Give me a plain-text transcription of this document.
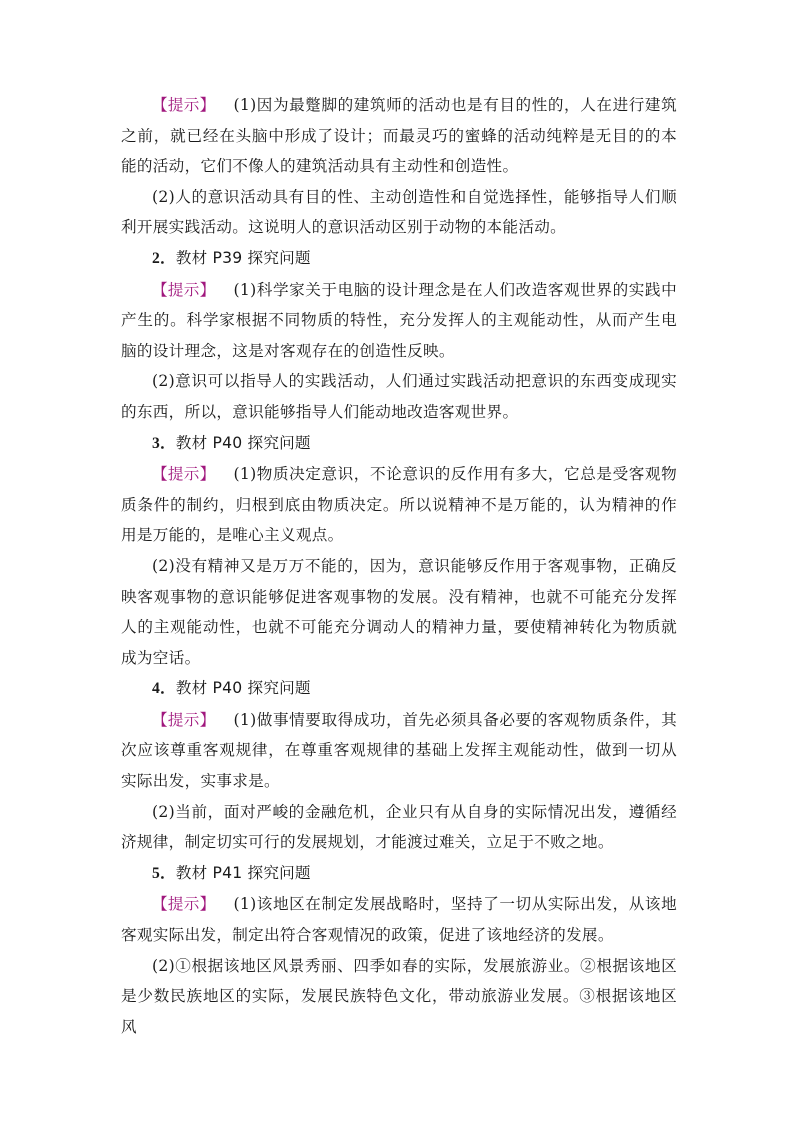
【提示】 (1)因为最蹩脚的建筑师的活动也是有目的性的，人在进行建筑之前，就已经在头脑中形成了设计；而最灵巧的蜜蜂的活动纯粹是无目的的本能的活动，它们不像人的建筑活动具有主动性和创造性。

(2)人的意识活动具有目的性、主动创造性和自觉选择性，能够指导人们顺利开展实践活动。这说明人的意识活动区别于动物的本能活动。

2．教材 P39 探究问题

【提示】 (1)科学家关于电脑的设计理念是在人们改造客观世界的实践中产生的。科学家根据不同物质的特性，充分发挥人的主观能动性，从而产生电脑的设计理念，这是对客观存在的创造性反映。

(2)意识可以指导人的实践活动，人们通过实践活动把意识的东西变成现实的东西，所以，意识能够指导人们能动地改造客观世界。

3．教材 P40 探究问题

【提示】 (1)物质决定意识，不论意识的反作用有多大，它总是受客观物质条件的制约，归根到底由物质决定。所以说精神不是万能的，认为精神的作用是万能的，是唯心主义观点。

(2)没有精神又是万万不能的，因为，意识能够反作用于客观事物，正确反映客观事物的意识能够促进客观事物的发展。没有精神，也就不可能充分发挥人的主观能动性，也就不可能充分调动人的精神力量，要使精神转化为物质就成为空话。

4．教材 P40 探究问题

【提示】 (1)做事情要取得成功，首先必须具备必要的客观物质条件，其次应该尊重客观规律，在尊重客观规律的基础上发挥主观能动性，做到一切从实际出发，实事求是。

(2)当前，面对严峻的金融危机，企业只有从自身的实际情况出发，遵循经济规律，制定切实可行的发展规划，才能渡过难关，立足于不败之地。

5．教材 P41 探究问题

【提示】 (1)该地区在制定发展战略时，坚持了一切从实际出发，从该地客观实际出发，制定出符合客观情况的政策，促进了该地经济的发展。

(2)①根据该地区风景秀丽、四季如春的实际，发展旅游业。②根据该地区是少数民族地区的实际，发展民族特色文化，带动旅游业发展。③根据该地区风
